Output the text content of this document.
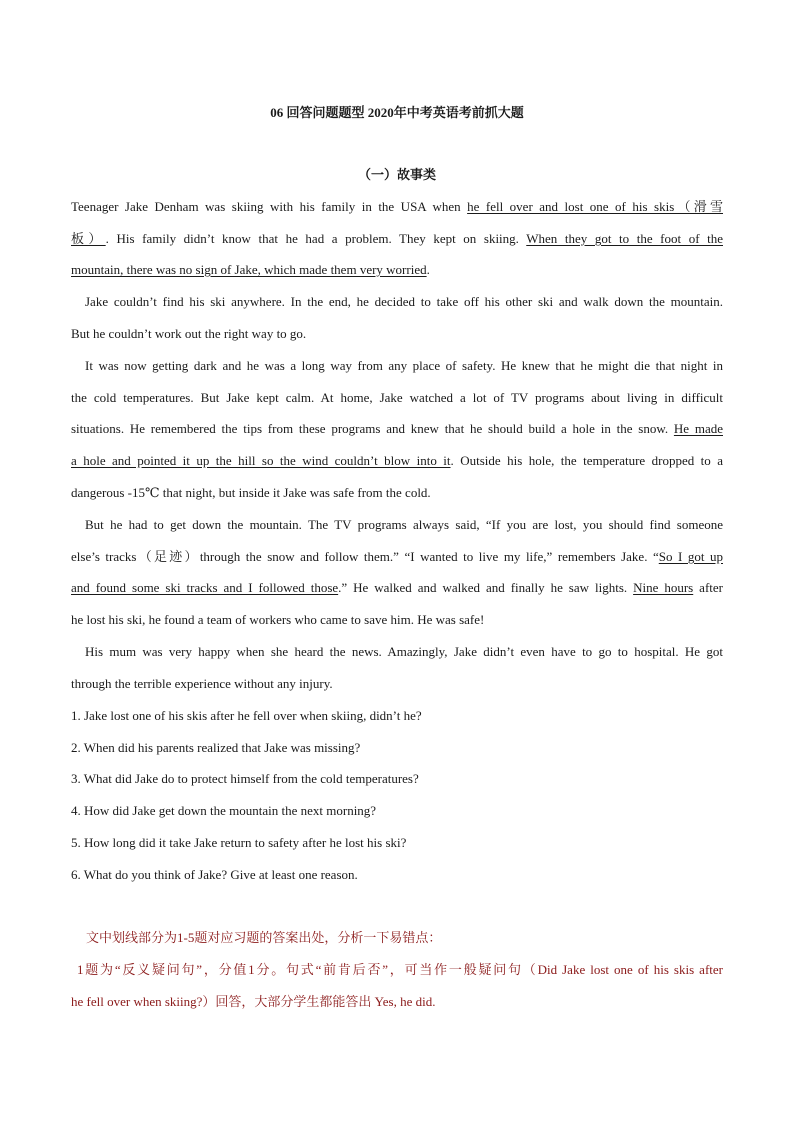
06 回答问题题型 2020年中考英语考前抓大题
（一）故事类
Teenager Jake Denham was skiing with his family in the USA when he fell over and lost one of his skis（滑雪
板）. His family didn’t know that he had a problem. They kept on skiing. When they got to the foot of the
mountain, there was no sign of Jake, which made them very worried.
Jake couldn’t find his ski anywhere. In the end, he decided to take off his other ski and walk down the mountain.
But he couldn’t work out the right way to go.
It was now getting dark and he was a long way from any place of safety. He knew that he might die that night in
the cold temperatures. But Jake kept calm. At home, Jake watched a lot of TV programs about living in difficult
situations. He remembered the tips from these programs and knew that he should build a hole in the snow. He made
a hole and pointed it up the hill so the wind couldn’t blow into it. Outside his hole, the temperature dropped to a
dangerous -15℃ that night, but inside it Jake was safe from the cold.
But he had to get down the mountain. The TV programs always said, “If you are lost, you should find someone
else’s tracks（足迹）through the snow and follow them.” “I wanted to live my life,” remembers Jake. “So I got up
and found some ski tracks and I followed those.” He walked and walked and finally he saw lights. Nine hours after
he lost his ski, he found a team of workers who came to save him. He was safe!
His mum was very happy when she heard the news. Amazingly, Jake didn’t even have to go to hospital. He got
through the terrible experience without any injury.
1. Jake lost one of his skis after he fell over when skiing, didn’t he?
2. When did his parents realized that Jake was missing?
3. What did Jake do to protect himself from the cold temperatures?
4. How did Jake get down the mountain the next morning?
5. How long did it take Jake return to safety after he lost his ski?
6. What do you think of Jake? Give at least one reason.
文中划线部分为1-5题对应习题的答案出处，分析一下易错点：
1题为“反义疑问句”，分值1分。句式“前肯后否”，可当作一般疑问句（Did Jake lost one of his skis after
he fell over when skiing?）回答，大部分学生都能答出 Yes, he did.
